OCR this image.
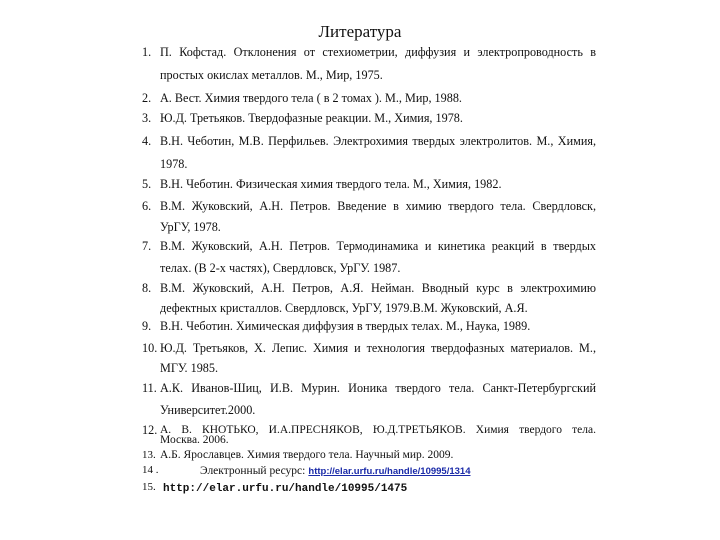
Литература
1. П. Кофстад. Отклонения от стехиометрии, диффузия и электропроводность в
простых окислах металлов. М., Мир, 1975.
2. А. Вест. Химия твердого тела ( в 2 томах ). М., Мир, 1988.
3. Ю.Д. Третьяков. Твердофазные реакции. М., Химия, 1978.
4. В.Н. Чеботин, М.В. Перфильев. Электрохимия твердых электролитов. М., Химия,
1978.
5. В.Н. Чеботин. Физическая химия твердого тела. М., Химия, 1982.
6. В.М. Жуковский, А.Н. Петров. Введение в химию твердого тела. Свердловск,
УрГУ, 1978.
7. В.М. Жуковский, А.Н. Петров. Термодинамика и кинетика реакций в твердых
телах. (В 2-х частях), Свердловск, УрГУ. 1987.
8. В.М. Жуковский, А.Н. Петров, А.Я. Нейман. Вводный курс в электрохимию
дефектных кристаллов. Свердловск, УрГУ, 1979.В.М. Жуковский, А.Я.
9. В.Н. Чеботин. Химическая диффузия в твердых телах. М., Наука, 1989.
10. Ю.Д. Третьяков, Х. Лепис. Химия и технология твердофазных материалов. М.,
МГУ. 1985.
11. А.К. Иванов-Шиц, И.В. Мурин. Ионика твердого тела. Санкт-Петербургский
Университет.2000.
12. А. В. КНОТЬКО, И.А.ПРЕСНЯКОВ, Ю.Д.ТРЕТЬЯКОВ. Химия твердого тела.
Москва. 2006.
13. А.Б. Ярославцев. Химия твердого тела. Научный мир. 2009.
14 .	Электронный ресурс: http://elar.urfu.ru/handle/10995/1314
15. http://elar.urfu.ru/handle/10995/1475
